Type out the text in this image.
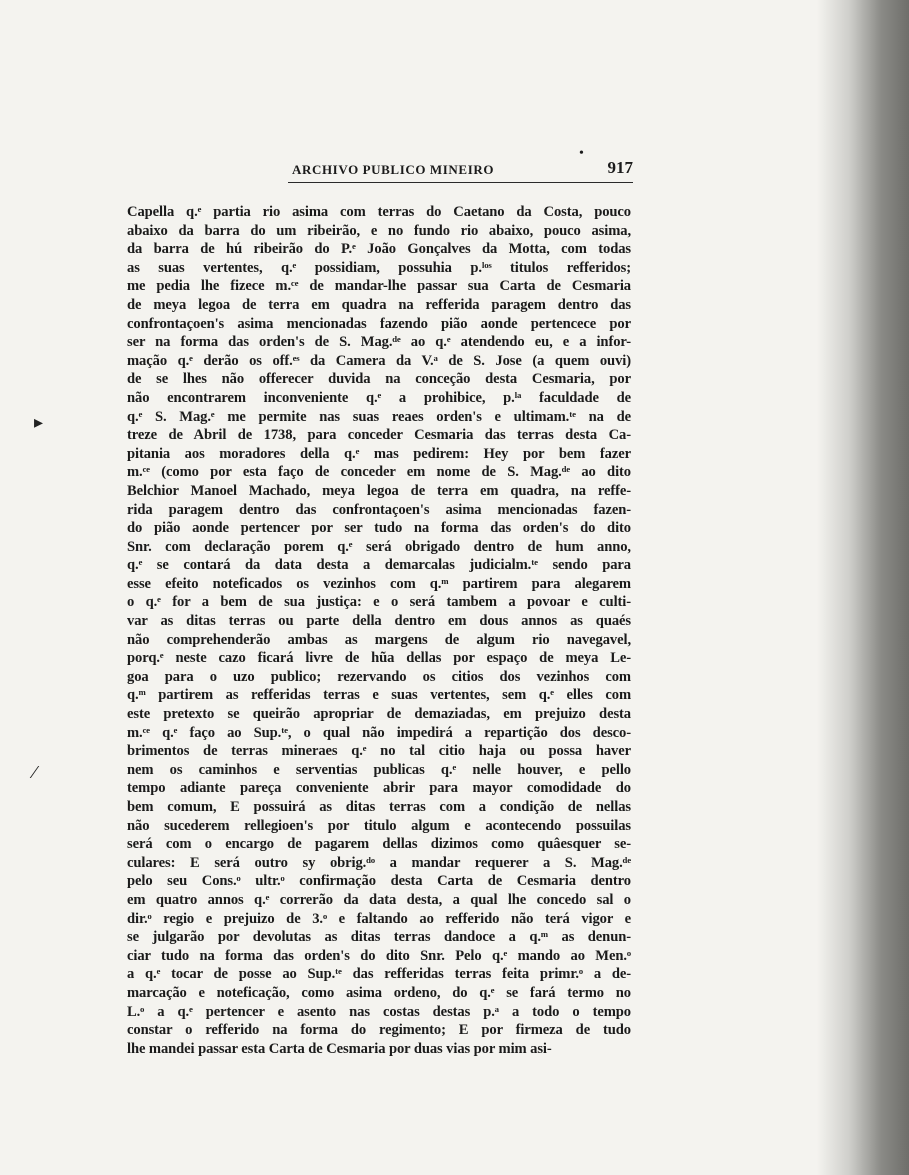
ARCHIVO PUBLICO MINEIRO
•
917
▸
⁄
Capella q.ᵉ partia rio asima com terras do Caetano da Costa, pouco
abaixo da barra do um ribeirão, e no fundo rio abaixo, pouco asima,
da barra de hú ribeirão do P.ᵉ João Gonçalves da Motta, com todas
as suas vertentes, q.ᵉ possidiam, possuhia p.ˡᵒˢ titulos refferidos;
me pedia lhe fizece m.ᶜᵉ de mandar-lhe passar sua Carta de Cesmaria
de meya legoa de terra em quadra na refferida paragem dentro das
confrontaçoen's asima mencionadas fazendo pião aonde pertencece por
ser na forma das orden's de S. Mag.ᵈᵉ ao q.ᵉ atendendo eu, e a infor-
mação q.ᵉ derão os off.ᵉˢ da Camera da V.ᵃ de S. Jose (a quem ouvi)
de se lhes não offerecer duvida na conceção desta Cesmaria, por
não encontrarem inconveniente q.ᵉ a prohibice, p.ˡᵃ faculdade de
q.ᵉ S. Mag.ᵉ me permite nas suas reaes orden's e ultimam.ᵗᵉ na de
treze de Abril de 1738, para conceder Cesmaria das terras desta Ca-
pitania aos moradores della q.ᵉ mas pedirem: Hey por bem fazer
m.ᶜᵉ (como por esta faço de conceder em nome de S. Mag.ᵈᵉ ao dito
Belchior Manoel Machado, meya legoa de terra em quadra, na reffe-
rida paragem dentro das confrontaçoen's asima mencionadas fazen-
do pião aonde pertencer por ser tudo na forma das orden's do dito
Snr. com declaração porem q.ᵉ será obrigado dentro de hum anno,
q.ᵉ se contará da data desta a demarcalas judicialm.ᵗᵉ sendo para
esse efeito noteficados os vezinhos com q.ᵐ partirem para alegarem
o q.ᵉ for a bem de sua justiça: e o será tambem a povoar e culti-
var as ditas terras ou parte della dentro em dous annos as quaés
não comprehenderão ambas as margens de algum rio navegavel,
porq.ᵉ neste cazo ficará livre de hũa dellas por espaço de meya Le-
goa para o uzo publico; rezervando os citios dos vezinhos com
q.ᵐ partirem as refferidas terras e suas vertentes, sem q.ᵉ elles com
este pretexto se queirão apropriar de demaziadas, em prejuizo desta
m.ᶜᵉ q.ᵉ faço ao Sup.ᵗᵉ, o qual não impedirá a repartição dos desco-
brimentos de terras mineraes q.ᵉ no tal citio haja ou possa haver
nem os caminhos e serventias publicas q.ᵉ nelle houver, e pello
tempo adiante pareça conveniente abrir para mayor comodidade do
bem comum, E possuirá as ditas terras com a condição de nellas
não sucederem rellegioen's por titulo algum e acontecendo possuilas
será com o encargo de pagarem dellas dizimos como quâesquer se-
culares: E será outro sy obrig.ᵈᵒ a mandar requerer a S. Mag.ᵈᵉ
pelo seu Cons.ᵒ ultr.ᵒ confirmação desta Carta de Cesmaria dentro
em quatro annos q.ᵉ correrão da data desta, a qual lhe concedo sal o
dir.ᵒ regio e prejuizo de 3.ᵒ e faltando ao refferido não terá vigor e
se julgarão por devolutas as ditas terras dandoce a q.ᵐ as denun-
ciar tudo na forma das orden's do dito Snr. Pelo q.ᵉ mando ao Men.ᵒ
a q.ᵉ tocar de posse ao Sup.ᵗᵉ das refferidas terras feita primr.ᵒ a de-
marcação e noteficação, como asima ordeno, do q.ᵉ se fará termo no
L.ᵒ a q.ᵉ pertencer e asento nas costas destas p.ᵃ a todo o tempo
constar o refferido na forma do regimento; E por firmeza de tudo
lhe mandei passar esta Carta de Cesmaria por duas vias por mim asi-
